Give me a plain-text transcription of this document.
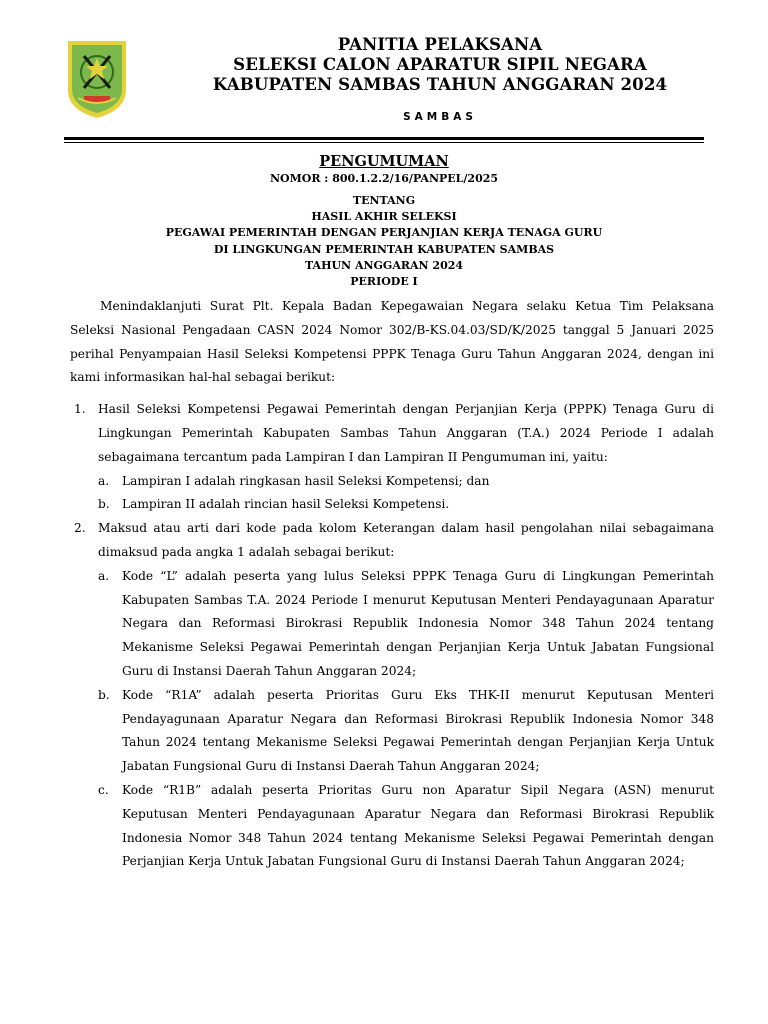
PANITIA PELAKSANA
SELEKSI CALON APARATUR SIPIL NEGARA
KABUPATEN SAMBAS TAHUN ANGGARAN 2024
SAMBAS
PENGUMUMAN
NOMOR : 800.1.2.2/16/PANPEL/2025
TENTANG
HASIL AKHIR SELEKSI
PEGAWAI PEMERINTAH DENGAN PERJANJIAN KERJA TENAGA GURU
DI LINGKUNGAN PEMERINTAH KABUPATEN SAMBAS
TAHUN ANGGARAN 2024
PERIODE I

Menindaklanjuti Surat Plt. Kepala Badan Kepegawaian Negara selaku Ketua Tim Pelaksana Seleksi Nasional Pengadaan CASN 2024 Nomor 302/B-KS.04.03/SD/K/2025 tanggal 5 Januari 2025 perihal Penyampaian Hasil Seleksi Kompetensi PPPK Tenaga Guru Tahun Anggaran 2024, dengan ini kami informasikan hal-hal sebagai berikut:

1. Hasil Seleksi Kompetensi Pegawai Pemerintah dengan Perjanjian Kerja (PPPK) Tenaga Guru di Lingkungan Pemerintah Kabupaten Sambas Tahun Anggaran (T.A.) 2024 Periode I adalah sebagaimana tercantum pada Lampiran I dan Lampiran II Pengumuman ini, yaitu:
a. Lampiran I adalah ringkasan hasil Seleksi Kompetensi; dan
b. Lampiran II adalah rincian hasil Seleksi Kompetensi.
2. Maksud atau arti dari kode pada kolom Keterangan dalam hasil pengolahan nilai sebagaimana dimaksud pada angka 1 adalah sebagai berikut:
a. Kode “L” adalah peserta yang lulus Seleksi PPPK Tenaga Guru di Lingkungan Pemerintah Kabupaten Sambas T.A. 2024 Periode I menurut Keputusan Menteri Pendayagunaan Aparatur Negara dan Reformasi Birokrasi Republik Indonesia Nomor 348 Tahun 2024 tentang Mekanisme Seleksi Pegawai Pemerintah dengan Perjanjian Kerja Untuk Jabatan Fungsional Guru di Instansi Daerah Tahun Anggaran 2024;
b. Kode “R1A” adalah peserta Prioritas Guru Eks THK-II menurut Keputusan Menteri Pendayagunaan Aparatur Negara dan Reformasi Birokrasi Republik Indonesia Nomor 348 Tahun 2024 tentang Mekanisme Seleksi Pegawai Pemerintah dengan Perjanjian Kerja Untuk Jabatan Fungsional Guru di Instansi Daerah Tahun Anggaran 2024;
c. Kode “R1B” adalah peserta Prioritas Guru non Aparatur Sipil Negara (ASN) menurut Keputusan Menteri Pendayagunaan Aparatur Negara dan Reformasi Birokrasi Republik Indonesia Nomor 348 Tahun 2024 tentang Mekanisme Seleksi Pegawai Pemerintah dengan Perjanjian Kerja Untuk Jabatan Fungsional Guru di Instansi Daerah Tahun Anggaran 2024;
